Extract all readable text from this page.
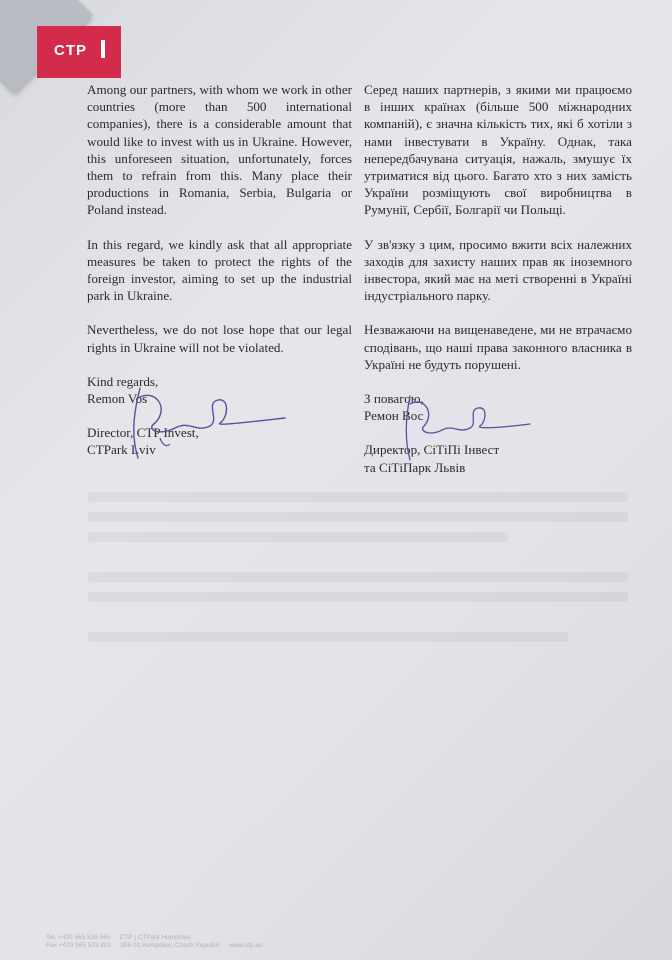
CTP

Among our partners, with whom we work in other countries (more than 500 international companies), there is a considerable amount that would like to invest with us in Ukraine. However, this unforeseen situation, unfortunately, forces them to refrain from this. Many place their productions in Romania, Serbia, Bulgaria or Poland instead.

In this regard, we kindly ask that all appropriate measures be taken to protect the rights of the foreign investor, aiming to set up the industrial park in Ukraine.

Nevertheless, we do not lose hope that our legal rights in Ukraine will not be violated.

Kind regards,
Remon Vos
Director, CTP Invest,
CTPark Lviv

Серед наших партнерів, з якими ми працюємо в інших країнах (більше 500 міжнародних компаній), є значна кількість тих, які б хотіли з нами інвестувати в Україну. Однак, така непередбачувана ситуація, нажаль, змушує їх утриматися від цього. Багато хто з них замість України розміщують свої виробництва в Румунії, Сербії, Болгарії чи Польщі.

У зв'язку з цим, просимо вжити всіх належних заходів для захисту наших прав як іноземного інвестора, який має на меті створенні в Україні індустріального парку.

Незважаючи на вищенаведене, ми не втрачаємо сподівань, що наші права законного власника в Україні не будуть порушені.

З повагою,
Ремон Вос
Директор, СіТіПі Інвест
та СіТіПарк Львів
Tel. +420 565 535 565 CTP | CTPark Humpolec
Fax +420 565 533 801 396 01 Humpolec, Czech Republic www.ctp.eu
